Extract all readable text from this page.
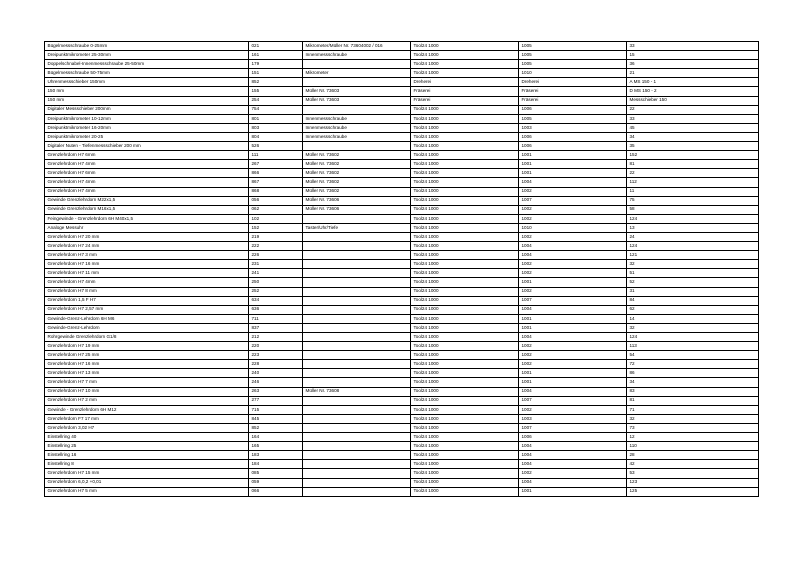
Bügelmessschraube 0-25mm	021	Mikrometer/Müller Nr. 73604002 / 016	Tool24 1000	1005	33
Dreipunktmikrometer 25-30mm	161	Innenmessschraube	Tool24 1000	1005	15
Doppelschnabel-Innenmessschraube 25-50mm	179		Tool24 1000	1005	36
Bügelmessschraube 50-75mm	151	Mikrometer	Tool24 1000	1010	21
Uhrenmessschieber 150mm	852		Dreherei	Dreherei	A MS 150 - 1
150 mm	155	Müller Nr. 73603	Fräserei	Fräserei	D MS 150 - 2
150 mm	254	Müller Nr. 73603	Fräserei	Fräserei	Messschieber 150
Digitaler Messschieber 200mm	754		Tool24 1000	1006	22
Dreipunktmikrometer 10-12mm	801	Innenmessschraube	Tool24 1000	1005	33
Dreipunktmikrometer 16-20mm	803	Innenmessschraube	Tool24 1000	1003	45
Dreipunktmikrometer 20-25	804	Innenmessschraube	Tool24 1000	1006	34
Digitaler Nuten - Tiefenmessschieber 200 mm	526		Tool24 1000	1006	35
Grenzlehrdorn H7 6mm	111	Müller Nr. 73602	Tool24 1000	1001	152
Grenzlehrdorn H7 4mm	267	Müller Nr. 73602	Tool24 1000	1001	81
Grenzlehrdorn H7 6mm	866	Müller Nr. 73602	Tool24 1000	1001	22
Grenzlehrdorn H7 4mm	867	Müller Nr. 73602	Tool24 1000	1004	112
Grenzlehrdorn H7 4mm	868	Müller Nr. 73602	Tool24 1000	1002	11
Gewinde Grenzlehrdorn M22x1,5	056	Müller Nr. 73606	Tool24 1000	1007	75
Gewinde Grenzlehrdorn M16x1,5	062	Müller Nr. 73606	Tool24 1000	1002	58
Feingewinde - Grenzlehrdorn 6H M40x1,5	102		Tool24 1000	1002	124
Analoge Messuhr	152	Taster/Uhr/Tiefe	Tool24 1000	1010	13
Grenzlehrdorn H7 20 mm	219		Tool24 1000	1002	24
Grenzlehrdorn H7 24 mm	222		Tool24 1000	1004	124
Grenzlehrdorn H7 3 mm	226		Tool24 1000	1004	121
Grenzlehrdorn H7 16 mm	231		Tool24 1000	1002	32
Grenzlehrdorn H7 11 mm	241		Tool24 1000	1002	51
Grenzlehrdorn H7 4mm	250		Tool24 1000	1001	52
Grenzlehrdorn H7 8 mm	252		Tool24 1000	1002	31
Grenzlehrdorn 1,5 F H7	634		Tool24 1000	1007	84
Grenzlehrdorn H7 2,57 mm	636		Tool24 1000	1004	62
Gewinde-Grenz-Lehrdorn 6H M6	711		Tool24 1000	1001	14
Gewinde-Grenz-Lehrdorn	837		Tool24 1000	1001	32
Rohrgewinde Grenzlehrdorn G1/8	212		Tool24 1000	1004	124
Grenzlehrdorn H7 19 mm	220		Tool24 1000	1002	113
Grenzlehrdorn H7 25 mm	223		Tool24 1000	1002	54
Grenzlehrdorn H7 16 mm	228		Tool24 1000	1002	72
Grenzlehrdorn H7 13 mm	240		Tool24 1000	1001	86
Grenzlehrdorn H7 7 mm	246		Tool24 1000	1001	34
Grenzlehrdorn H7 10 mm	263	Müller Nr. 73608	Tool24 1000	1004	83
Grenzlehrdorn H7 2 mm	277		Tool24 1000	1007	81
Gewinde - Grenzlehrdorn 6H M12	715		Tool24 1000	1002	71
Grenzlehrdorn F7 17 mm	845		Tool24 1000	1003	32
Grenzlehrdorn 3,02 H7	852		Tool24 1000	1007	73
Einstellring 40	164		Tool24 1000	1006	12
Einstellring 25	165		Tool24 1000	1004	110
Einstellring 16	183		Tool24 1000	1004	28
Einstellring 8	184		Tool24 1000	1004	42
Grenzlehrdorn H7 15 mm	085		Tool24 1000	1002	53
Grenzlehrdorn 6,0,2 +0,01	059		Tool24 1000	1004	123
Grenzlehrdorn H7 5 mm	066		Tool24 1000	1001	125
